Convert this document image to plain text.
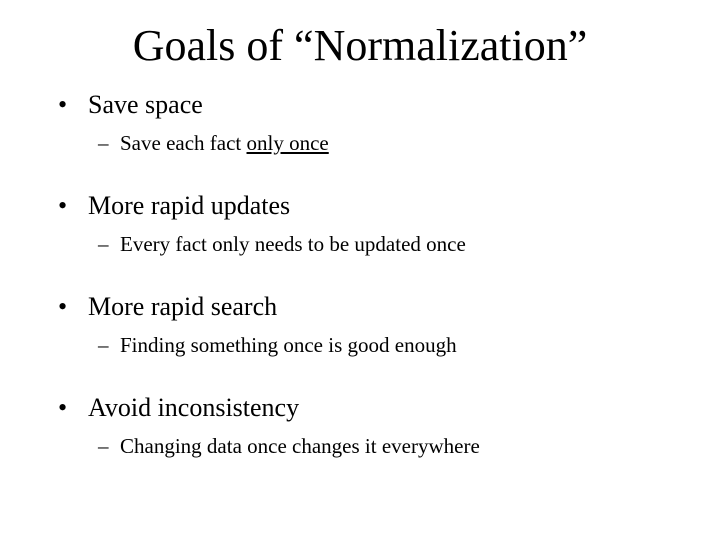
Goals of “Normalization”
• Save space
– Save each fact only once
• More rapid updates
– Every fact only needs to be updated once
• More rapid search
– Finding something once is good enough
• Avoid inconsistency
– Changing data once changes it everywhere
